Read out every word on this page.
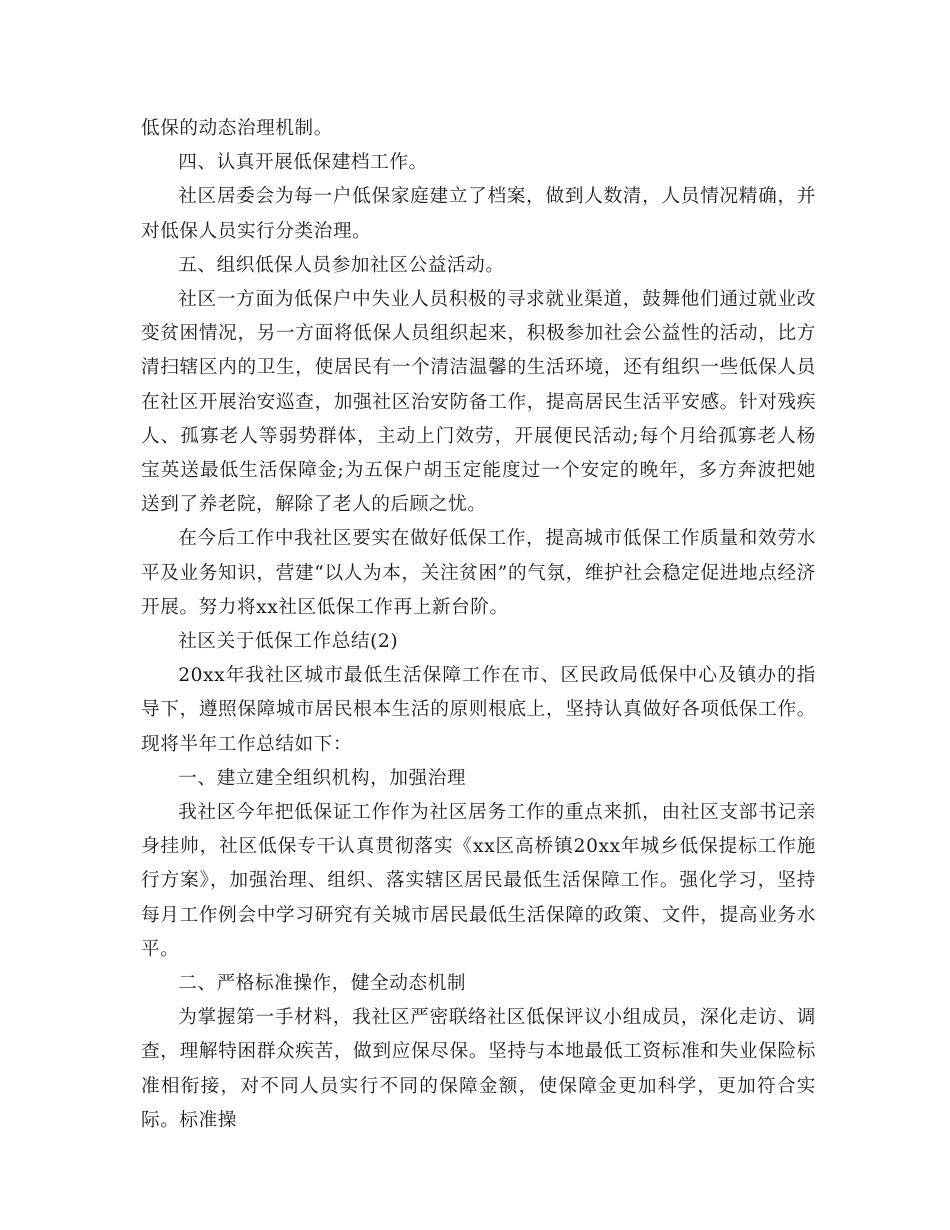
低保的动态治理机制。

四、认真开展低保建档工作。

社区居委会为每一户低保家庭建立了档案，做到人数清，人员情况精确，并对低保人员实行分类治理。

五、组织低保人员参加社区公益活动。

社区一方面为低保户中失业人员积极的寻求就业渠道，鼓舞他们通过就业改变贫困情况，另一方面将低保人员组织起来，积极参加社会公益性的活动，比方清扫辖区内的卫生，使居民有一个清洁温馨的生活环境，还有组织一些低保人员在社区开展治安巡查，加强社区治安防备工作，提高居民生活平安感。针对残疾人、孤寡老人等弱势群体，主动上门效劳，开展便民活动;每个月给孤寡老人杨宝英送最低生活保障金;为五保户胡玉定能度过一个安定的晚年，多方奔波把她送到了养老院，解除了老人的后顾之忧。

在今后工作中我社区要实在做好低保工作，提高城市低保工作质量和效劳水平及业务知识，营建“以人为本，关注贫困”的气氛，维护社会稳定促进地点经济开展。努力将xx社区低保工作再上新台阶。

社区关于低保工作总结(2)

20xx年我社区城市最低生活保障工作在市、区民政局低保中心及镇办的指导下，遵照保障城市居民根本生活的原则根底上，坚持认真做好各项低保工作。现将半年工作总结如下：

一、建立建全组织机构，加强治理

我社区今年把低保证工作作为社区居务工作的重点来抓，由社区支部书记亲身挂帅，社区低保专干认真贯彻落实《xx区高桥镇20xx年城乡低保提标工作施行方案》，加强治理、组织、落实辖区居民最低生活保障工作。强化学习，坚持每月工作例会中学习研究有关城市居民最低生活保障的政策、文件，提高业务水平。

二、严格标准操作，健全动态机制

为掌握第一手材料，我社区严密联络社区低保评议小组成员，深化走访、调查，理解特困群众疾苦，做到应保尽保。坚持与本地最低工资标准和失业保险标准相衔接，对不同人员实行不同的保障金额，使保障金更加科学，更加符合实际。标准操
